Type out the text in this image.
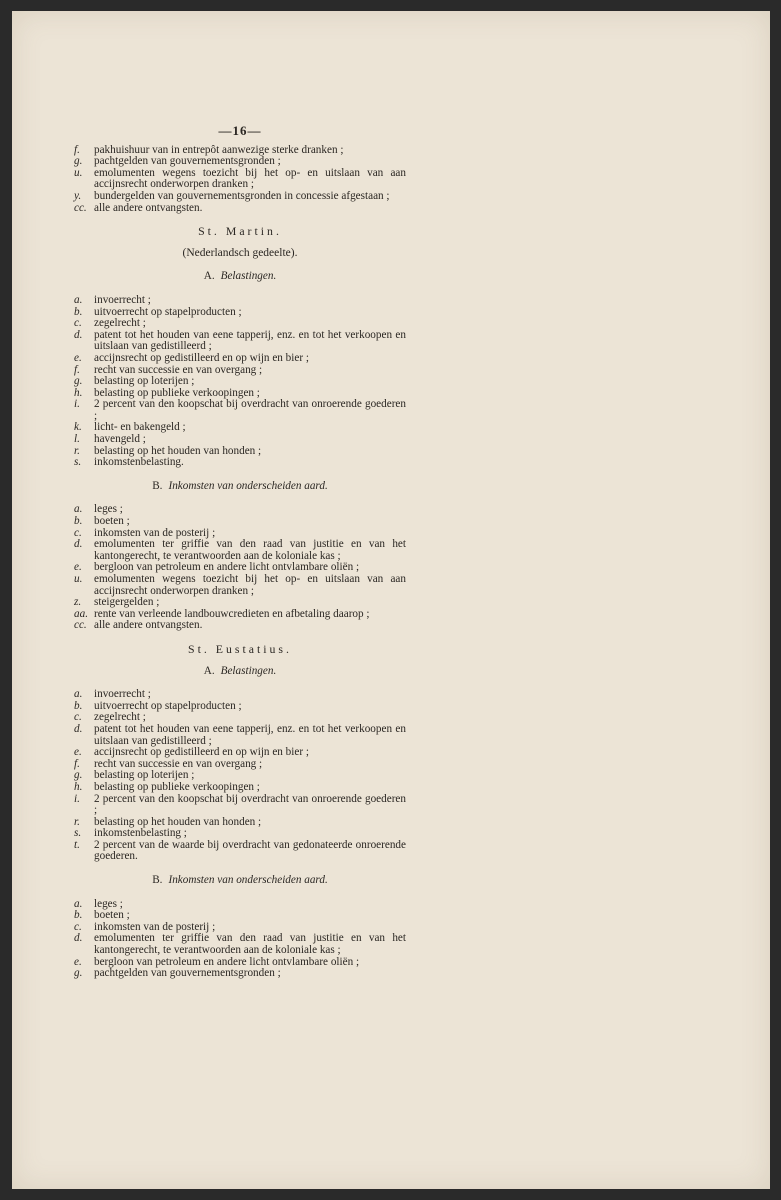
—16—
f.	pakhuishuur van in entrepôt aanwezige sterke dranken ;
g.	pachtgelden van gouvernementsgronden ;
u.	emolumenten wegens toezicht bij het op- en uitslaan van aan accijnsrecht onderworpen dranken ;
y.	bundergelden van gouvernementsgronden in concessie afgestaan ;
cc. alle andere ontvangsten.
St. Martin.
(Nederlandsch gedeelte).
A. Belastingen.
a.	invoerrecht ;
b.	uitvoerrecht op stapelproducten ;
c.	zegelrecht ;
d.	patent tot het houden van eene tapperij, enz. en tot het verkoopen en uitslaan van gedistilleerd ;
e.	accijnsrecht op gedistilleerd en op wijn en bier ;
f.	recht van successie en van overgang ;
g.	belasting op loterijen ;
h.	belasting op publieke verkoopingen ;
i.	2 percent van den koopschat bij overdracht van onroerende goederen ;
k.	licht- en bakengeld ;
l.	havengeld ;
r.	belasting op het houden van honden ;
s.	inkomstenbelasting.
B. Inkomsten van onderscheiden aard.
a.	leges ;
b.	boeten ;
c.	inkomsten van de posterij ;
d.	emolumenten ter griffie van den raad van justitie en van het kantongerecht, te verantwoorden aan de koloniale kas ;
e.	bergloon van petroleum en andere licht ontvlambare oliën ;
u.	emolumenten wegens toezicht bij het op- en uitslaan van aan accijnsrecht onderworpen dranken ;
z.	steigergelden ;
aa. rente van verleende landbouwcredieten en afbetaling daarop ;
cc. alle andere ontvangsten.
St. Eustatius.
A. Belastingen.
a.	invoerrecht ;
b.	uitvoerrecht op stapelproducten ;
c.	zegelrecht ;
d.	patent tot het houden van eene tapperij, enz. en tot het verkoopen en uitslaan van gedistilleerd ;
e.	accijnsrecht op gedistilleerd en op wijn en bier ;
f.	recht van successie en van overgang ;
g.	belasting op loterijen ;
h.	belasting op publieke verkoopingen ;
i.	2 percent van den koopschat bij overdracht van onroerende goederen ;
r.	belasting op het houden van honden ;
s.	inkomstenbelasting ;
t.	2 percent van de waarde bij overdracht van gedonateerde onroerende goederen.
B. Inkomsten van onderscheiden aard.
a.	leges ;
b.	boeten ;
c.	inkomsten van de posterij ;
d.	emolumenten ter griffie van den raad van justitie en van het kantongerecht, te verantwoorden aan de koloniale kas ;
e.	bergloon van petroleum en andere licht ontvlambare oliën ;
g.	pachtgelden van gouvernementsgronden ;
